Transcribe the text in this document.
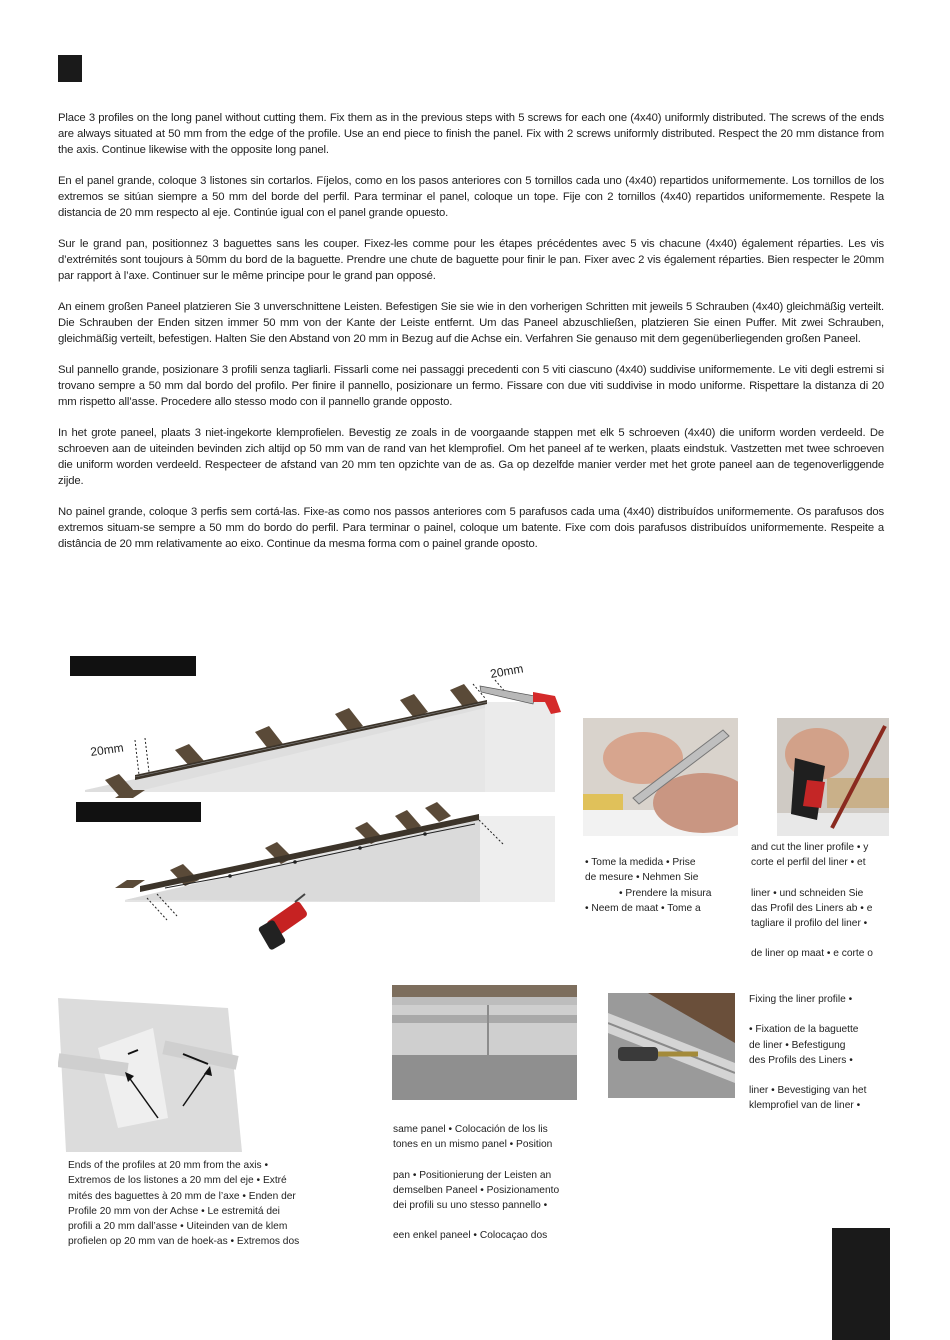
Place 3 profiles on the long panel without cutting them. Fix them as in the previous steps with 5 screws for each one (4x40) uniformly distributed. The screws of the ends are always situated at 50 mm from the edge of the profile. Use an end piece to finish the panel. Fix with 2 screws uniformly distributed. Respect the 20 mm distance from the axis. Continue likewise with the opposite long panel.

En el panel grande, coloque 3 listones sin cortarlos. Fíjelos, como en los pasos anteriores con 5 tornillos cada uno (4x40) repartidos uniformemente. Los tornillos de los extremos se sitúan siempre a 50 mm del borde del perfil. Para terminar el panel, coloque un tope. Fije con 2 tornillos (4x40) repartidos uniformemente. Respete la distancia de 20 mm respecto al eje. Continúe igual con el panel grande opuesto.

Sur le grand pan, positionnez 3 baguettes sans les couper. Fixez-les comme pour les étapes précédentes avec 5 vis chacune (4x40) également réparties. Les vis d’extrémités sont toujours à 50mm du bord de la baguette. Prendre une chute de baguette pour finir le pan. Fixer avec 2 vis également réparties. Bien respecter le 20mm par rapport à l’axe. Continuer sur le même principe pour le grand pan opposé.

An einem großen Paneel platzieren Sie 3 unverschnittene Leisten. Befestigen Sie sie wie in den vorherigen Schritten mit jeweils 5 Schrauben (4x40) gleichmäßig verteilt. Die Schrauben der Enden sitzen immer 50 mm von der Kante der Leiste entfernt. Um das Paneel abzuschließen, platzieren Sie einen Puffer. Mit zwei Schrauben, gleichmäßig verteilt, befestigen. Halten Sie den Abstand von 20 mm in Bezug auf die Achse ein. Verfahren Sie genauso mit dem gegenüberliegenden großen Paneel.

Sul pannello grande, posizionare 3 profili senza tagliarli. Fissarli come nei passaggi precedenti con 5 viti ciascuno (4x40) suddivise uniformemente. Le viti degli estremi si trovano sempre a 50 mm dal bordo del profilo. Per finire il pannello, posizionare un fermo. Fissare con due viti suddivise in modo uniforme. Rispettare la distanza di 20 mm rispetto all’asse. Procedere allo stesso modo con il pannello grande opposto.

In het grote paneel, plaats 3 niet-ingekorte klemprofielen. Bevestig ze zoals in de voorgaande stappen met elk 5 schroeven (4x40) die uniform worden verdeeld. De schroeven aan de uiteinden bevinden zich altijd op 50 mm van de rand van het klemprofiel. Om het paneel af te werken, plaats eindstuk. Vastzetten met twee schroeven die uniform worden verdeeld. Respecteer de afstand van 20 mm ten opzichte van de as. Ga op dezelfde manier verder met het grote paneel aan de tegenoverliggende zijde.

No painel grande, coloque 3 perfis sem cortá-las. Fixe-as como nos passos anteriores com 5 parafusos cada uma (4x40) distribuídos uniformemente. Os parafusos dos extremos situam-se sempre a 50 mm do bordo do perfil. Para terminar o painel, coloque um batente. Fixe com dois parafusos distribuídos uniformemente. Respeite a distância de 20 mm relativamente ao eixo. Continue da mesma forma com o painel grande oposto.

20mm
20mm

• Tome la medida • Prise

de mesure • Nehmen Sie

• Prendere la misura

• Neem de maat • Tome a

and cut the liner profile • y

corte el perfil del liner • et

liner • und schneiden Sie

das Profil des Liners ab • e

tagliare il profilo del liner •

de liner op maat • e corte o

Ends of the profiles at 20 mm from the axis •

Extremos de los listones a 20 mm del eje • Extré

mités des baguettes à 20 mm de l’axe • Enden der

Profile 20 mm von der Achse • Le estremitá dei

profili a 20 mm dall’asse • Uiteinden van de klem

profielen op 20 mm van de hoek-as • Extremos dos

same panel • Colocación de los lis

tones en un mismo panel • Position

pan • Positionierung der Leisten an

demselben Paneel • Posizionamento

dei profili su uno stesso pannello •

een enkel paneel • Colocaçao dos

Fixing the liner profile •

• Fixation de la baguette

de liner • Befestigung

des Profils des Liners •

liner • Bevestiging van het

klemprofiel van de liner •
